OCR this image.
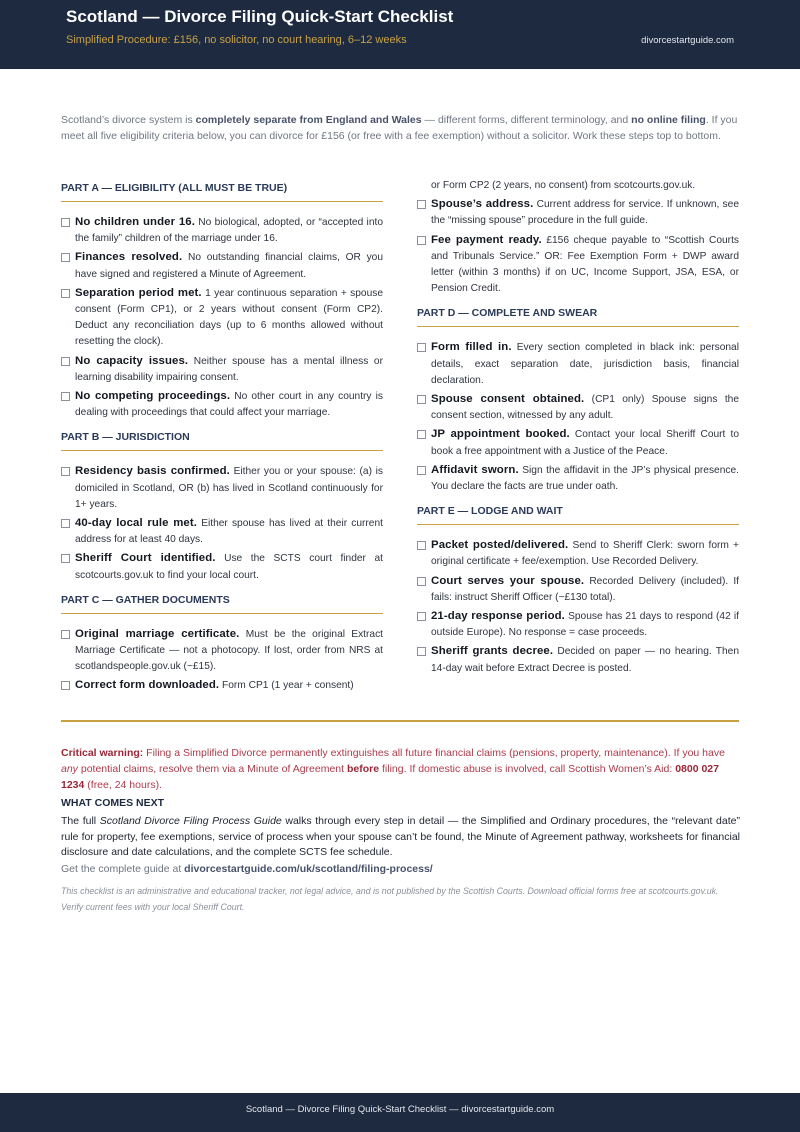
Scotland — Divorce Filing Quick-Start Checklist
Simplified Procedure: £156, no solicitor, no court hearing, 6–12 weeks	divorcestartguide.com
Scotland’s divorce system is completely separate from England and Wales — different forms, different terminology, and no online filing. If you meet all five eligibility criteria below, you can divorce for £156 (or free with a fee exemption) without a solicitor. Work these steps top to bottom.
PART A — ELIGIBILITY (ALL MUST BE TRUE)
No children under 16. No biological, adopted, or “accepted into the family” children of the marriage under 16.
Finances resolved. No outstanding financial claims, OR you have signed and registered a Minute of Agreement.
Separation period met. 1 year continuous separation + spouse consent (Form CP1), or 2 years without consent (Form CP2). Deduct any reconciliation days (up to 6 months allowed without resetting the clock).
No capacity issues. Neither spouse has a mental illness or learning disability impairing consent.
No competing proceedings. No other court in any country is dealing with proceedings that could affect your marriage.
PART B — JURISDICTION
Residency basis confirmed. Either you or your spouse: (a) is domiciled in Scotland, OR (b) has lived in Scotland continuously for 1+ years.
40-day local rule met. Either spouse has lived at their current address for at least 40 days.
Sheriff Court identified. Use the SCTS court finder at scotcourts.gov.uk to find your local court.
PART C — GATHER DOCUMENTS
Original marriage certificate. Must be the original Extract Marriage Certificate — not a photocopy. If lost, order from NRS at scotlandspeople.gov.uk (~£15).
Correct form downloaded. Form CP1 (1 year + consent)
or Form CP2 (2 years, no consent) from scotcourts.gov.uk.
Spouse’s address. Current address for service. If unknown, see the “missing spouse” procedure in the full guide.
Fee payment ready. £156 cheque payable to “Scottish Courts and Tribunals Service.” OR: Fee Exemption Form + DWP award letter (within 3 months) if on UC, Income Support, JSA, ESA, or Pension Credit.
PART D — COMPLETE AND SWEAR
Form filled in. Every section completed in black ink: personal details, exact separation date, jurisdiction basis, financial declaration.
Spouse consent obtained. (CP1 only) Spouse signs the consent section, witnessed by any adult.
JP appointment booked. Contact your local Sheriff Court to book a free appointment with a Justice of the Peace.
Affidavit sworn. Sign the affidavit in the JP’s physical presence. You declare the facts are true under oath.
PART E — LODGE AND WAIT
Packet posted/delivered. Send to Sheriff Clerk: sworn form + original certificate + fee/exemption. Use Recorded Delivery.
Court serves your spouse. Recorded Delivery (included). If fails: instruct Sheriff Officer (~£130 total).
21-day response period. Spouse has 21 days to respond (42 if outside Europe). No response = case proceeds.
Sheriff grants decree. Decided on paper — no hearing. Then 14-day wait before Extract Decree is posted.
Critical warning: Filing a Simplified Divorce permanently extinguishes all future financial claims (pensions, property, maintenance). If you have any potential claims, resolve them via a Minute of Agreement before filing. If domestic abuse is involved, call Scottish Women’s Aid: 0800 027 1234 (free, 24 hours).
WHAT COMES NEXT
The full Scotland Divorce Filing Process Guide walks through every step in detail — the Simplified and Ordinary procedures, the “relevant date” rule for property, fee exemptions, service of process when your spouse can’t be found, the Minute of Agreement pathway, worksheets for financial disclosure and date calculations, and the complete SCTS fee schedule.
Get the complete guide at divorcestartguide.com/uk/scotland/filing-process/
This checklist is an administrative and educational tracker, not legal advice, and is not published by the Scottish Courts. Download official forms free at scotcourts.gov.uk. Verify current fees with your local Sheriff Court.
Scotland — Divorce Filing Quick-Start Checklist — divorcestartguide.com
